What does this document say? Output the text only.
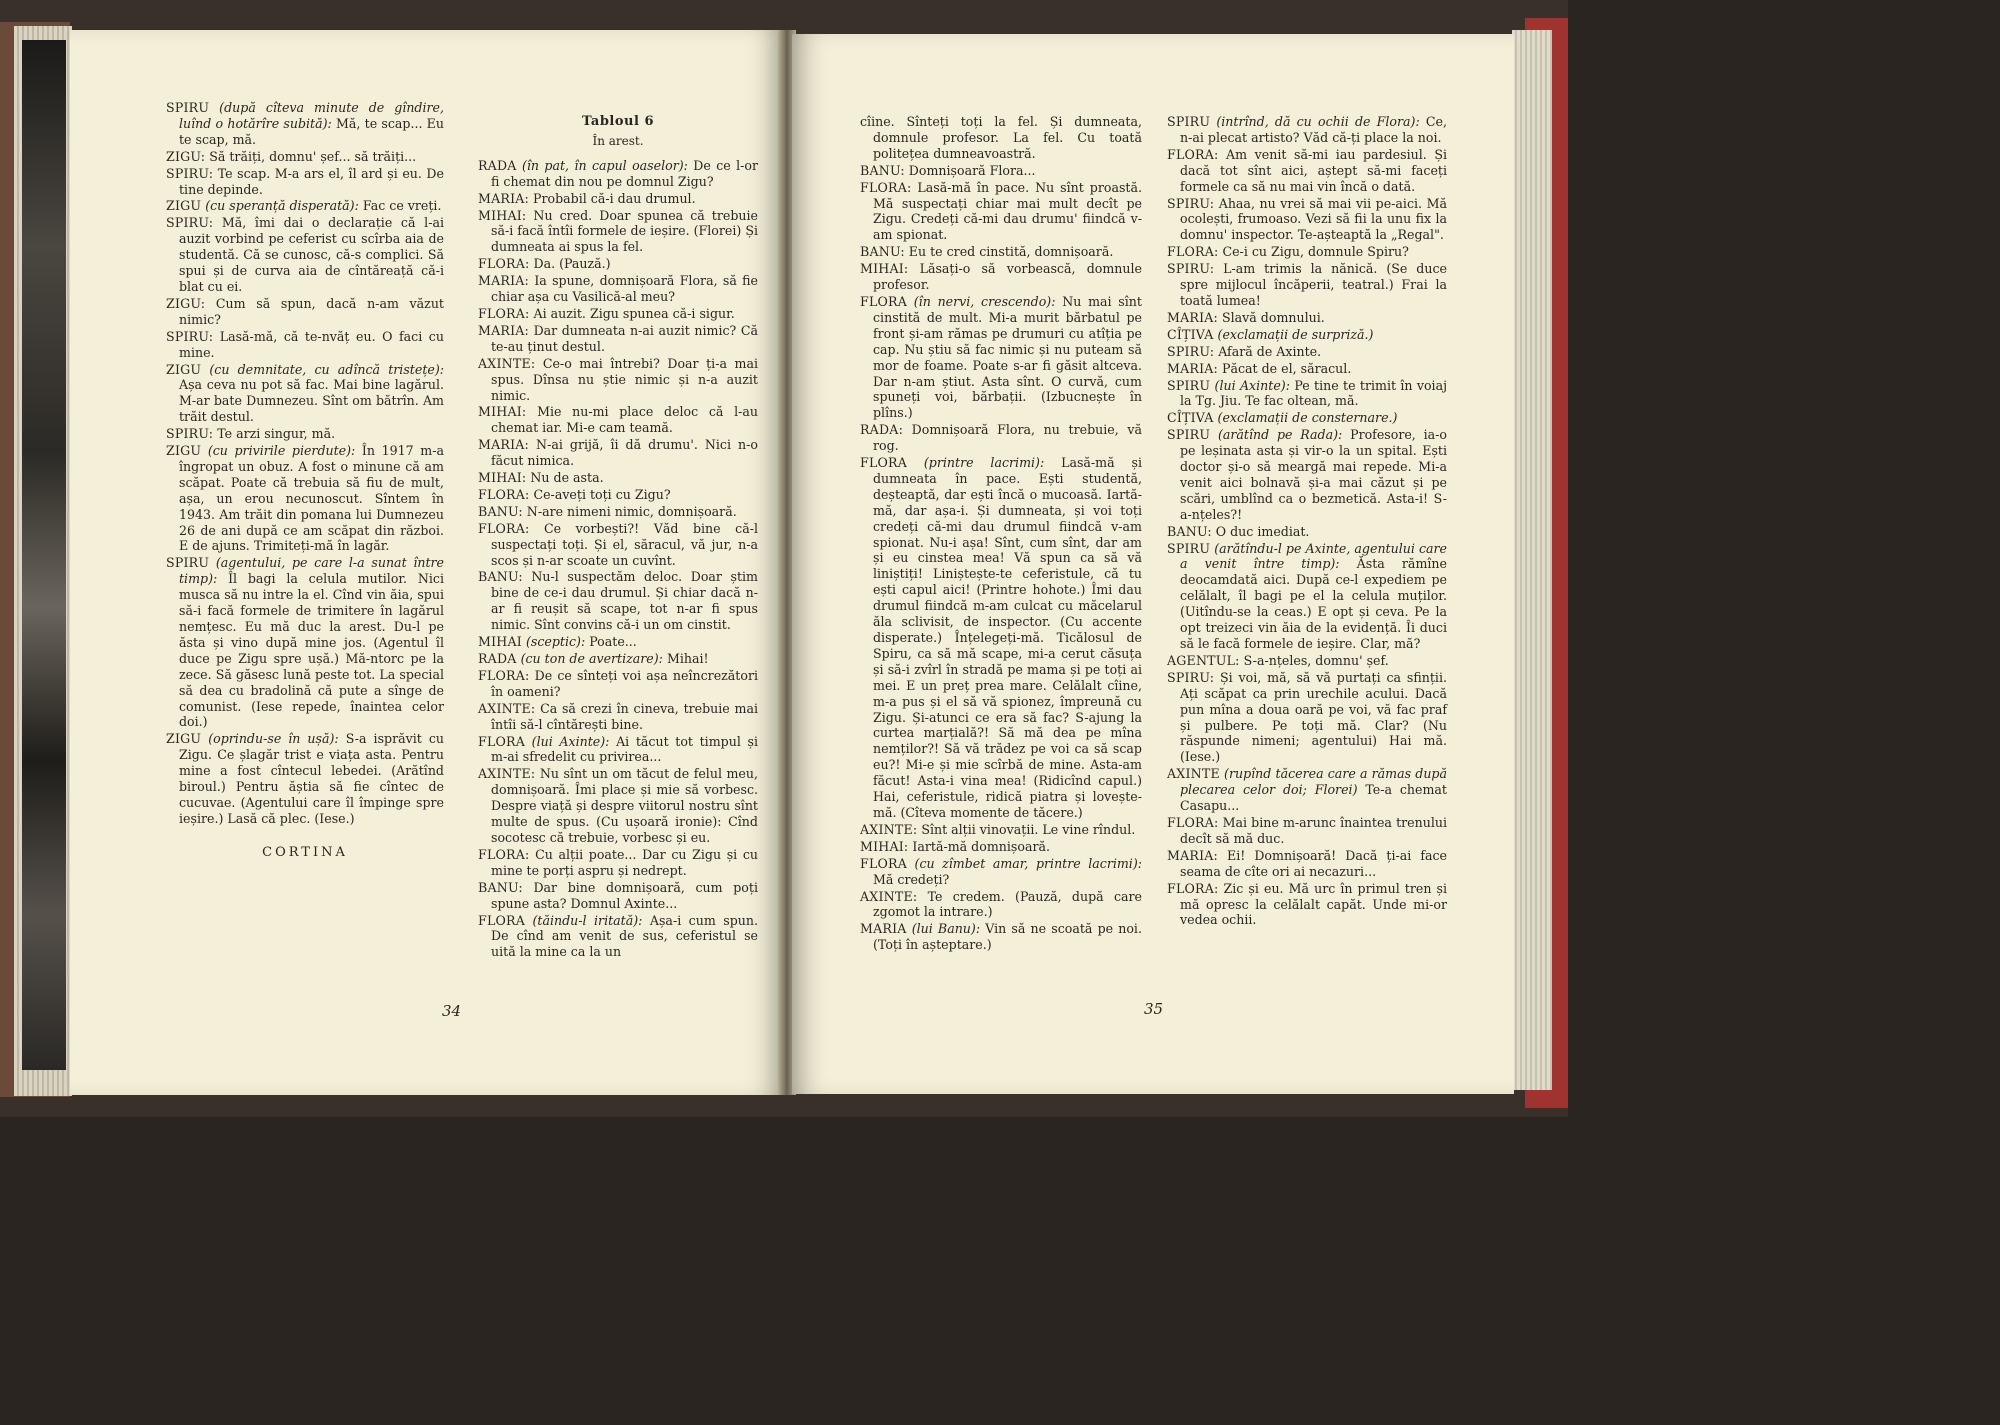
SPIRU (după cîteva minute de gîndire, luînd o hotărîre subită): Mă, te scap... Eu te scap, mă.

ZIGU: Să trăiți, domnu' șef... să trăiți...

SPIRU: Te scap. M-a ars el, îl ard și eu. De tine depinde.

ZIGU (cu speranță disperată): Fac ce vreți.

SPIRU: Mă, îmi dai o declarație că l-ai auzit vorbind pe ceferist cu scîrba aia de studentă. Că se cunosc, că-s complici. Să spui și de curva aia de cîntăreață că-i blat cu ei.

ZIGU: Cum să spun, dacă n-am văzut nimic?

SPIRU: Lasă-mă, că te-nvăț eu. O faci cu mine.

ZIGU (cu demnitate, cu adîncă tristețe): Așa ceva nu pot să fac. Mai bine lagărul. M-ar bate Dumnezeu. Sînt om bătrîn. Am trăit destul.

SPIRU: Te arzi singur, mă.

ZIGU (cu privirile pierdute): În 1917 m-a îngropat un obuz. A fost o minune că am scăpat. Poate că trebuia să fiu de mult, așa, un erou necunoscut. Sîntem în 1943. Am trăit din pomana lui Dumnezeu 26 de ani după ce am scăpat din război. E de ajuns. Trimiteți-mă în lagăr.

SPIRU (agentului, pe care l-a sunat între timp): Îl bagi la celula mutilor. Nici musca să nu intre la el. Cînd vin ăia, spui să-i facă formele de trimitere în lagărul nemțesc. Eu mă duc la arest. Du-l pe ăsta și vino după mine jos. (Agentul îl duce pe Zigu spre ușă.) Mă-ntorc pe la zece. Să găsesc lună peste tot. La special să dea cu bradolină că pute a sînge de comunist. (Iese repede, înaintea celor doi.)

ZIGU (oprindu-se în ușă): S-a isprăvit cu Zigu. Ce șlagăr trist e viața asta. Pentru mine a fost cîntecul lebedei. (Arătînd biroul.) Pentru ăștia să fie cîntec de cucuvae. (Agentului care îl împinge spre ieșire.) Lasă că plec. (Iese.)

CORTINA
Tabloul 6
În arest.

RADA (în pat, în capul oaselor): De ce l-or fi chemat din nou pe domnul Zigu?

MARIA: Probabil că-i dau drumul.

MIHAI: Nu cred. Doar spunea că trebuie să-i facă întîi formele de ieșire. (Florei) Și dumneata ai spus la fel.

FLORA: Da. (Pauză.)

MARIA: Ia spune, domnișoară Flora, să fie chiar așa cu Vasilică-al meu?

FLORA: Ai auzit. Zigu spunea că-i sigur.

MARIA: Dar dumneata n-ai auzit nimic? Că te-au ținut destul.

AXINTE: Ce-o mai întrebi? Doar ți-a mai spus. Dînsa nu știe nimic și n-a auzit nimic.

MIHAI: Mie nu-mi place deloc că l-au chemat iar. Mi-e cam teamă.

MARIA: N-ai grijă, îi dă drumu'. Nici n-o făcut nimica.

MIHAI: Nu de asta.

FLORA: Ce-aveți toți cu Zigu?

BANU: N-are nimeni nimic, domnișoară.

FLORA: Ce vorbești?! Văd bine că-l suspectați toți. Și el, săracul, vă jur, n-a scos și n-ar scoate un cuvînt.

BANU: Nu-l suspectăm deloc. Doar știm bine de ce-i dau drumul. Și chiar dacă n-ar fi reușit să scape, tot n-ar fi spus nimic. Sînt convins că-i un om cinstit.

MIHAI (sceptic): Poate...

RADA (cu ton de avertizare): Mihai!

FLORA: De ce sînteți voi așa neîncrezători în oameni?

AXINTE: Ca să crezi în cineva, trebuie mai întîi să-l cîntărești bine.

FLORA (lui Axinte): Ai tăcut tot timpul și m-ai sfredelit cu privirea...

AXINTE: Nu sînt un om tăcut de felul meu, domnișoară. Îmi place și mie să vorbesc. Despre viață și despre viitorul nostru sînt multe de spus. (Cu ușoară ironie): Cînd socotesc că trebuie, vorbesc și eu.

FLORA: Cu alții poate... Dar cu Zigu și cu mine te porți aspru și nedrept.

BANU: Dar bine domnișoară, cum poți spune asta? Domnul Axinte...

FLORA (tăindu-l iritată): Așa-i cum spun. De cînd am venit de sus, ceferistul se uită la mine ca la un

34

cîine. Sînteți toți la fel. Și dumneata, domnule profesor. La fel. Cu toată politețea dumneavoastră.

BANU: Domnișoară Flora...

FLORA: Lasă-mă în pace. Nu sînt proastă. Mă suspectați chiar mai mult decît pe Zigu. Credeți că-mi dau drumu' fiindcă v-am spionat.

BANU: Eu te cred cinstită, domnișoară.

MIHAI: Lăsați-o să vorbească, domnule profesor.

FLORA (în nervi, crescendo): Nu mai sînt cinstită de mult. Mi-a murit bărbatul pe front și-am rămas pe drumuri cu atîția pe cap. Nu știu să fac nimic și nu puteam să mor de foame. Poate s-ar fi găsit altceva. Dar n-am știut. Asta sînt. O curvă, cum spuneți voi, bărbații. (Izbucnește în plîns.)

RADA: Domnișoară Flora, nu trebuie, vă rog.

FLORA (printre lacrimi): Lasă-mă și dumneata în pace. Ești studentă, deșteaptă, dar ești încă o mucoasă. Iartă-mă, dar așa-i. Și dumneata, și voi toți credeți că-mi dau drumul fiindcă v-am spionat. Nu-i așa! Sînt, cum sînt, dar am și eu cinstea mea! Vă spun ca să vă liniștiți! Liniștește-te ceferistule, că tu ești capul aici! (Printre hohote.) Îmi dau drumul fiindcă m-am culcat cu măcelarul ăla sclivisit, de inspector. (Cu accente disperate.) Înțelegeți-mă. Ticălosul de Spiru, ca să mă scape, mi-a cerut căsuța și să-i zvîrl în stradă pe mama și pe toți ai mei. E un preț prea mare. Celălalt cîine, m-a pus și el să vă spionez, împreună cu Zigu. Și-atunci ce era să fac? S-ajung la curtea marțială?! Să mă dea pe mîna nemților?! Să vă trădez pe voi ca să scap eu?! Mi-e și mie scîrbă de mine. Asta-am făcut! Asta-i vina mea! (Ridicînd capul.) Hai, ceferistule, ridică piatra și lovește-mă. (Cîteva momente de tăcere.)

AXINTE: Sînt alții vinovații. Le vine rîndul.

MIHAI: Iartă-mă domnișoară.

FLORA (cu zîmbet amar, printre lacrimi): Mă credeți?

AXINTE: Te credem. (Pauză, după care zgomot la intrare.)

MARIA (lui Banu): Vin să ne scoată pe noi. (Toți în așteptare.)

SPIRU (intrînd, dă cu ochii de Flora): Ce, n-ai plecat artisto? Văd că-ți place la noi.

FLORA: Am venit să-mi iau pardesiul. Și dacă tot sînt aici, aștept să-mi faceți formele ca să nu mai vin încă o dată.

SPIRU: Ahaa, nu vrei să mai vii pe-aici. Mă ocolești, frumoaso. Vezi să fii la unu fix la domnu' inspector. Te-așteaptă la „Regal".

FLORA: Ce-i cu Zigu, domnule Spiru?

SPIRU: L-am trimis la nănică. (Se duce spre mijlocul încăperii, teatral.) Frai la toată lumea!

MARIA: Slavă domnului.

CÎȚIVA (exclamații de surpriză.)

SPIRU: Afară de Axinte.

MARIA: Păcat de el, săracul.

SPIRU (lui Axinte): Pe tine te trimit în voiaj la Tg. Jiu. Te fac oltean, mă.

CÎȚIVA (exclamații de consternare.)

SPIRU (arătînd pe Rada): Profesore, ia-o pe leșinata asta și vir-o la un spital. Ești doctor și-o să meargă mai repede. Mi-a venit aici bolnavă și-a mai căzut și pe scări, umblînd ca o bezmetică. Asta-i! S-a-nțeles?!

BANU: O duc imediat.

SPIRU (arătîndu-l pe Axinte, agentului care a venit între timp): Ăsta rămîne deocamdată aici. După ce-l expediem pe celălalt, îl bagi pe el la celula muților. (Uitîndu-se la ceas.) E opt și ceva. Pe la opt treizeci vin ăia de la evidență. Îi duci să le facă formele de ieșire. Clar, mă?

AGENTUL: S-a-nțeles, domnu' șef.

SPIRU: Și voi, mă, să vă purtați ca sfinții. Ați scăpat ca prin urechile acului. Dacă pun mîna a doua oară pe voi, vă fac praf și pulbere. Pe toți mă. Clar? (Nu răspunde nimeni; agentului) Hai mă. (Iese.)

AXINTE (rupînd tăcerea care a rămas după plecarea celor doi; Florei) Te-a chemat Casapu...

FLORA: Mai bine m-arunc înaintea trenului decît să mă duc.

MARIA: Ei! Domnișoară! Dacă ți-ai face seama de cîte ori ai necazuri...

FLORA: Zic și eu. Mă urc în primul tren și mă opresc la celălalt capăt. Unde mi-or vedea ochii.

35
